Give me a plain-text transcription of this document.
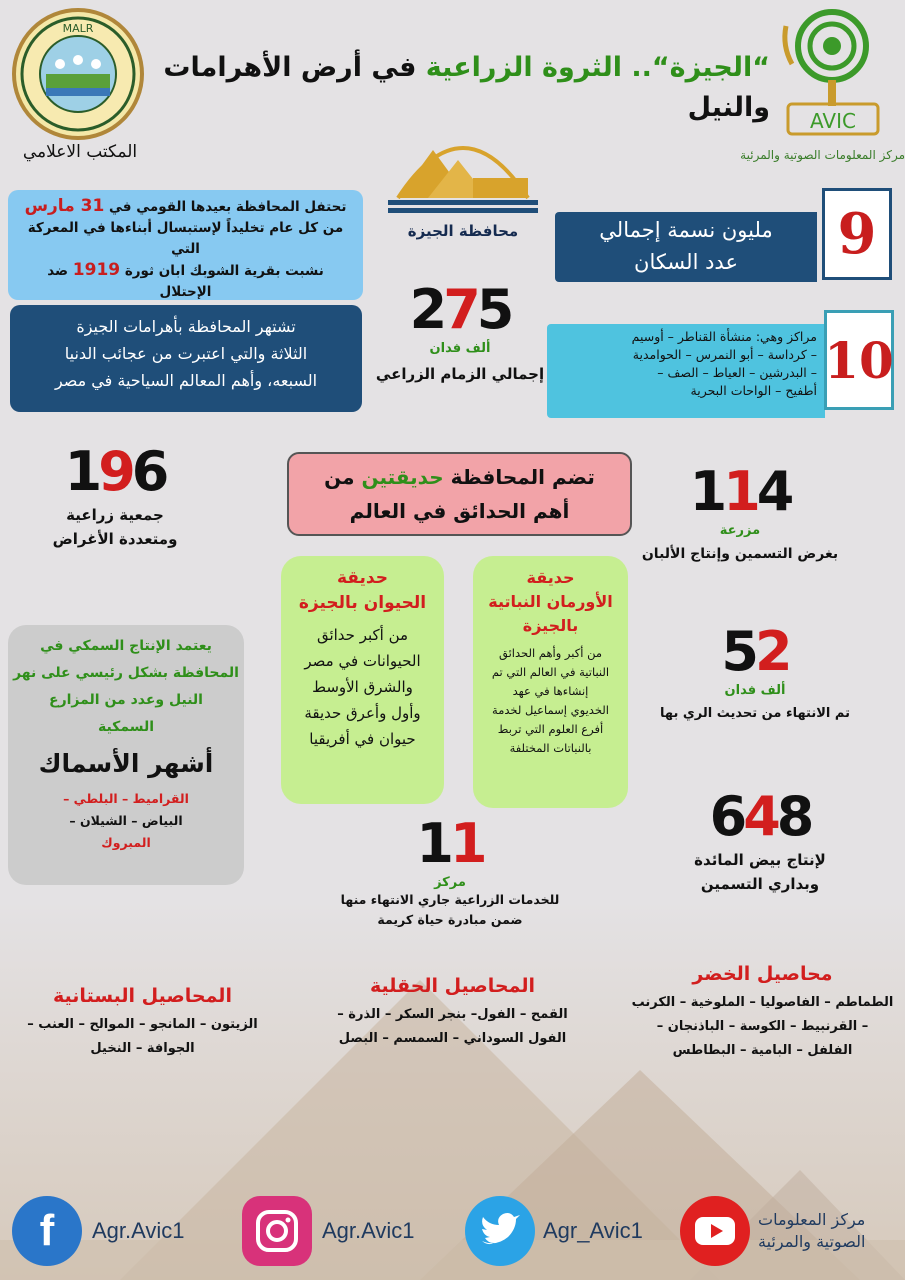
MALR
المكتب الاعلامي
“الجيزة“.. الثروة الزراعية في أرض الأهرامات والنيل AVIC
مركز المعلومات الصوتية والمرئية
محافظة الجيزة
تحتفل المحافظة بعيدها القومي في 31 مارس
من كل عام تخليداً لإستبسال أبناءها في المعركة التي
نشبت بقرية الشوبك ابان ثورة 1919 ضد الإحتلال
تشتهر المحافظة بأهرامات الجيزة
الثلاثة والتي اعتبرت من عجائب الدنيا
السبعه، وأهم المعالم السياحية في مصر
مليون نسمة إجمالي
عدد السكان	9
مراكز وهي: منشأة القناطر – أوسيم
– كرداسة – أبو النمرس – الحوامدية
– البدرشين – العياط – الصف –
أطفيح – الواحات البحرية
10
275
ألف فدان
إجمالي الزمام الزراعي
196
جمعية زراعية
ومتعددة الأغراض
تضم المحافظة حديقتين من
أهم الحدائق في العالم	114
مزرعة
بغرض التسمين وإنتاج الألبان
حديقة
الحيوان بالجيزة
من أكبر حدائق
الحيوانات في مصر
والشرق الأوسط
وأول وأعرق حديقة
حيوان في أفريقيا
حديقة
الأورمان النباتية
بالجيزة
من أكبر وأهم الحدائق
النباتية في العالم التي تم
إنشاءها في عهد
الخديوي إسماعيل لخدمة
أفرع العلوم التي تربط
بالنباتات المختلفة
52
ألف فدان
تم الانتهاء من تحديث الري بها
يعتمد الإنتاج السمكي في
المحافظة بشكل رئيسي على نهر
النيل وعدد من المزارع
السمكية
أشهر الأسماك
القراميط – البلطي –
البياض – الشيلان –
المبروك	648
لإنتاج بيض المائدة
وبداري التسمين
11
مركز
للخدمات الزراعية جاري الانتهاء منها
ضمن مبادرة حياة كريمة
المحاصيل البستانية
الزيتون – المانجو – الموالح – العنب –
الجوافة – النخيل
المحاصيل الحقلية
القمح – الفول– بنجر السكر – الذرة –
الفول السوداني – السمسم – البصل
محاصيل الخضر
الطماطم – الفاصوليا – الملوخية – الكرنب
– القرنبيط – الكوسة – الباذنجان –
الفلفل – البامية – البطاطس
f Agr.Avic1	Agr.Avic1	Agr_Avic1	مركز المعلومات
الصوتية والمرئية
